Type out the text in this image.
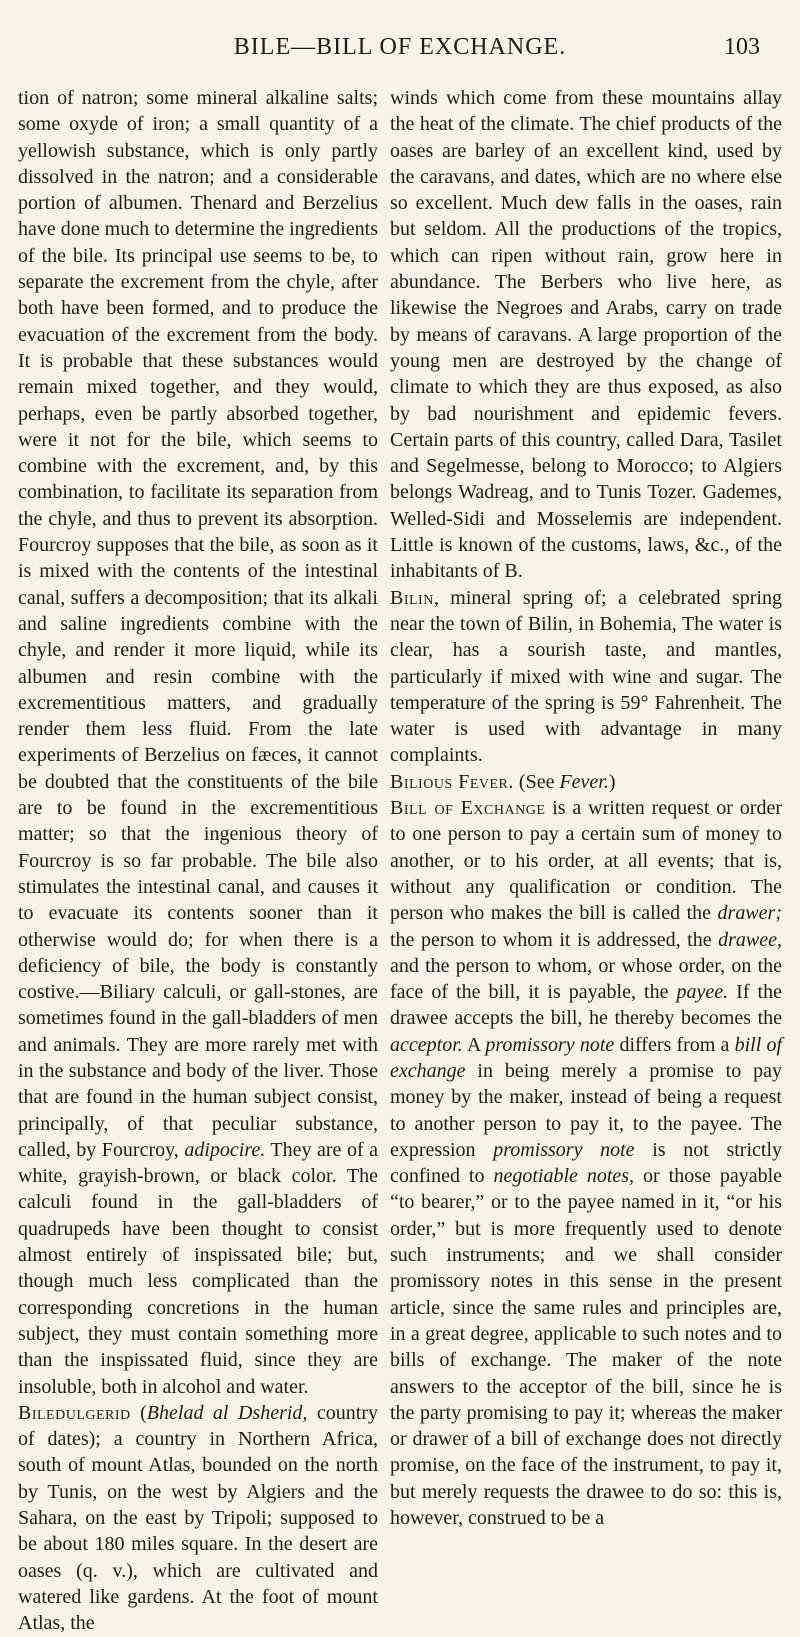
BILE—BILL OF EXCHANGE.	103

tion of natron; some mineral alkaline salts; some oxyde of iron; a small quantity of a yellowish substance, which is only partly dissolved in the natron; and a considerable portion of albumen. Thenard and Berzelius have done much to determine the ingredients of the bile. Its principal use seems to be, to separate the excrement from the chyle, after both have been formed, and to produce the evacuation of the excrement from the body. It is probable that these substances would remain mixed together, and they would, perhaps, even be partly absorbed together, were it not for the bile, which seems to combine with the excrement, and, by this combination, to facilitate its separation from the chyle, and thus to prevent its absorption. Fourcroy supposes that the bile, as soon as it is mixed with the contents of the intestinal canal, suffers a decomposition; that its alkali and saline ingredients combine with the chyle, and render it more liquid, while its albumen and resin combine with the excrementitious matters, and gradually render them less fluid. From the late experiments of Berzelius on fæces, it cannot be doubted that the constituents of the bile are to be found in the excrementitious matter; so that the ingenious theory of Fourcroy is so far probable. The bile also stimulates the intestinal canal, and causes it to evacuate its contents sooner than it otherwise would do; for when there is a deficiency of bile, the body is constantly costive.—Biliary calculi, or gall-stones, are sometimes found in the gall-bladders of men and animals. They are more rarely met with in the substance and body of the liver. Those that are found in the human subject consist, principally, of that peculiar substance, called, by Fourcroy, adipocire. They are of a white, grayish-brown, or black color. The calculi found in the gall-bladders of quadrupeds have been thought to consist almost entirely of inspissated bile; but, though much less complicated than the corresponding concretions in the human subject, they must contain something more than the inspissated fluid, since they are insoluble, both in alcohol and water.

Biledulgerid (Bhelad al Dsherid, country of dates); a country in Northern Africa, south of mount Atlas, bounded on the north by Tunis, on the west by Algiers and the Sahara, on the east by Tripoli; supposed to be about 180 miles square. In the desert are oases (q. v.), which are cultivated and watered like gardens. At the foot of mount Atlas, the

winds which come from these mountains allay the heat of the climate. The chief products of the oases are barley of an excellent kind, used by the caravans, and dates, which are no where else so excellent. Much dew falls in the oases, rain but seldom. All the productions of the tropics, which can ripen without rain, grow here in abundance. The Berbers who live here, as likewise the Negroes and Arabs, carry on trade by means of caravans. A large proportion of the young men are destroyed by the change of climate to which they are thus exposed, as also by bad nourishment and epidemic fevers. Certain parts of this country, called Dara, Tasilet and Segelmesse, belong to Morocco; to Algiers belongs Wadreag, and to Tunis Tozer. Gademes, Welled-Sidi and Mosselemis are independent. Little is known of the customs, laws, &c., of the inhabitants of B.

Bilin, mineral spring of; a celebrated spring near the town of Bilin, in Bohemia, The water is clear, has a sourish taste, and mantles, particularly if mixed with wine and sugar. The temperature of the spring is 59° Fahrenheit. The water is used with advantage in many complaints.

Bilious Fever. (See Fever.)

Bill of Exchange is a written request or order to one person to pay a certain sum of money to another, or to his order, at all events; that is, without any qualification or condition. The person who makes the bill is called the drawer; the person to whom it is addressed, the drawee, and the person to whom, or whose order, on the face of the bill, it is payable, the payee. If the drawee accepts the bill, he thereby becomes the acceptor. A promissory note differs from a bill of exchange in being merely a promise to pay money by the maker, instead of being a request to another person to pay it, to the payee. The expression promissory note is not strictly confined to negotiable notes, or those payable “to bearer,” or to the payee named in it, “or his order,” but is more frequently used to denote such instruments; and we shall consider promissory notes in this sense in the present article, since the same rules and principles are, in a great degree, applicable to such notes and to bills of exchange. The maker of the note answers to the acceptor of the bill, since he is the party promising to pay it; whereas the maker or drawer of a bill of exchange does not directly promise, on the face of the instrument, to pay it, but merely requests the drawee to do so: this is, however, construed to be a
